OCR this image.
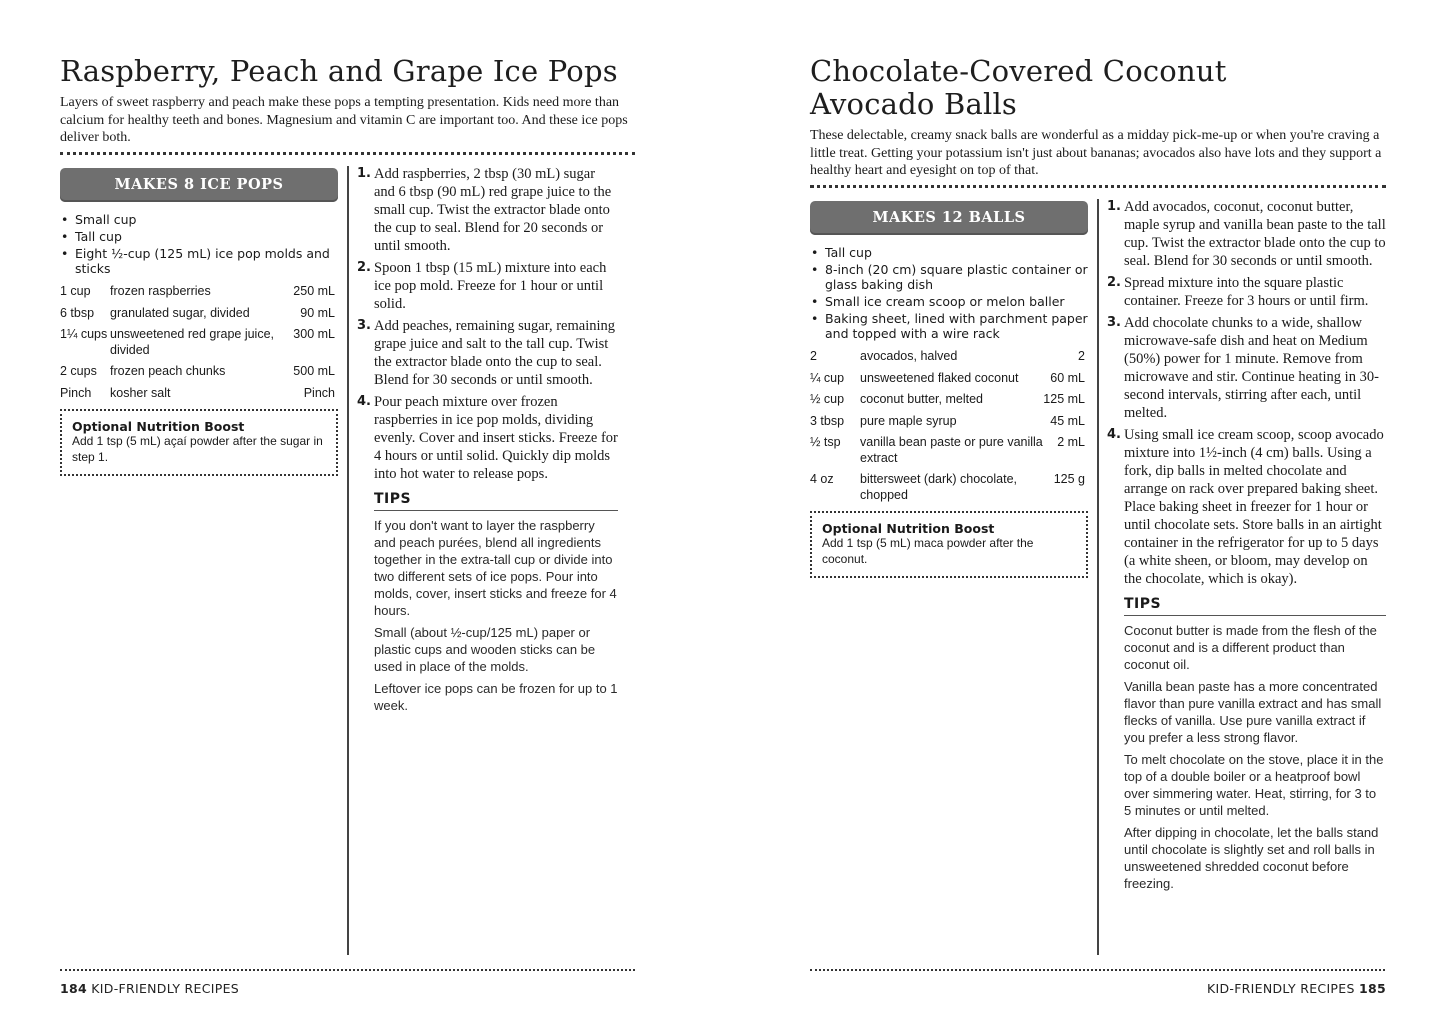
Raspberry, Peach and Grape Ice Pops
Layers of sweet raspberry and peach make these pops a tempting presentation. Kids need more than calcium for healthy teeth and bones. Magnesium and vitamin C are important too. And these ice pops deliver both.
MAKES 8 ICE POPS
• Small cup
• Tall cup
• Eight ½-cup (125 mL) ice pop molds and sticks
1 cup	frozen raspberries	250 mL
6 tbsp	granulated sugar, divided	90 mL
1¼ cups	unsweetened red grape juice, divided	300 mL
2 cups	frozen peach chunks	500 mL
Pinch	kosher salt	Pinch
Optional Nutrition Boost
Add 1 tsp (5 mL) açaí powder after the sugar in step 1.
1. Add raspberries, 2 tbsp (30 mL) sugar and 6 tbsp (90 mL) red grape juice to the small cup. Twist the extractor blade onto the cup to seal. Blend for 20 seconds or until smooth.
2. Spoon 1 tbsp (15 mL) mixture into each ice pop mold. Freeze for 1 hour or until solid.
3. Add peaches, remaining sugar, remaining grape juice and salt to the tall cup. Twist the extractor blade onto the cup to seal. Blend for 30 seconds or until smooth.
4. Pour peach mixture over frozen raspberries in ice pop molds, dividing evenly. Cover and insert sticks. Freeze for 4 hours or until solid. Quickly dip molds into hot water to release pops.
TIPS

If you don't want to layer the raspberry and peach purées, blend all ingredients together in the extra-tall cup or divide into two different sets of ice pops. Pour into molds, cover, insert sticks and freeze for 4 hours.

Small (about ½-cup/125 mL) paper or plastic cups and wooden sticks can be used in place of the molds.

Leftover ice pops can be frozen for up to 1 week.

184 KID-FRIENDLY RECIPES
Chocolate-Covered Coconut
Avocado Balls
These delectable, creamy snack balls are wonderful as a midday pick-me-up or when you're craving a little treat. Getting your potassium isn't just about bananas; avocados also have lots and they support a healthy heart and eyesight on top of that.
MAKES 12 BALLS
• Tall cup
• 8-inch (20 cm) square plastic container or glass baking dish
• Small ice cream scoop or melon baller
• Baking sheet, lined with parchment paper and topped with a wire rack
2	avocados, halved	2
¼ cup	unsweetened flaked coconut	60 mL
½ cup	coconut butter, melted	125 mL
3 tbsp	pure maple syrup	45 mL
½ tsp	vanilla bean paste or pure vanilla extract	2 mL
4 oz	bittersweet (dark) chocolate, chopped	125 g
Optional Nutrition Boost
Add 1 tsp (5 mL) maca powder after the coconut.
1. Add avocados, coconut, coconut butter, maple syrup and vanilla bean paste to the tall cup. Twist the extractor blade onto the cup to seal. Blend for 30 seconds or until smooth.
2. Spread mixture into the square plastic container. Freeze for 3 hours or until firm.
3. Add chocolate chunks to a wide, shallow microwave-safe dish and heat on Medium (50%) power for 1 minute. Remove from microwave and stir. Continue heating in 30-second intervals, stirring after each, until melted.
4. Using small ice cream scoop, scoop avocado mixture into 1½-inch (4 cm) balls. Using a fork, dip balls in melted chocolate and arrange on rack over prepared baking sheet. Place baking sheet in freezer for 1 hour or until chocolate sets. Store balls in an airtight container in the refrigerator for up to 5 days (a white sheen, or bloom, may develop on the chocolate, which is okay).
TIPS

Coconut butter is made from the flesh of the coconut and is a different product than coconut oil.

Vanilla bean paste has a more concentrated flavor than pure vanilla extract and has small flecks of vanilla. Use pure vanilla extract if you prefer a less strong flavor.

To melt chocolate on the stove, place it in the top of a double boiler or a heatproof bowl over simmering water. Heat, stirring, for 3 to 5 minutes or until melted.

After dipping in chocolate, let the balls stand until chocolate is slightly set and roll balls in unsweetened shredded coconut before freezing.

KID-FRIENDLY RECIPES 185
